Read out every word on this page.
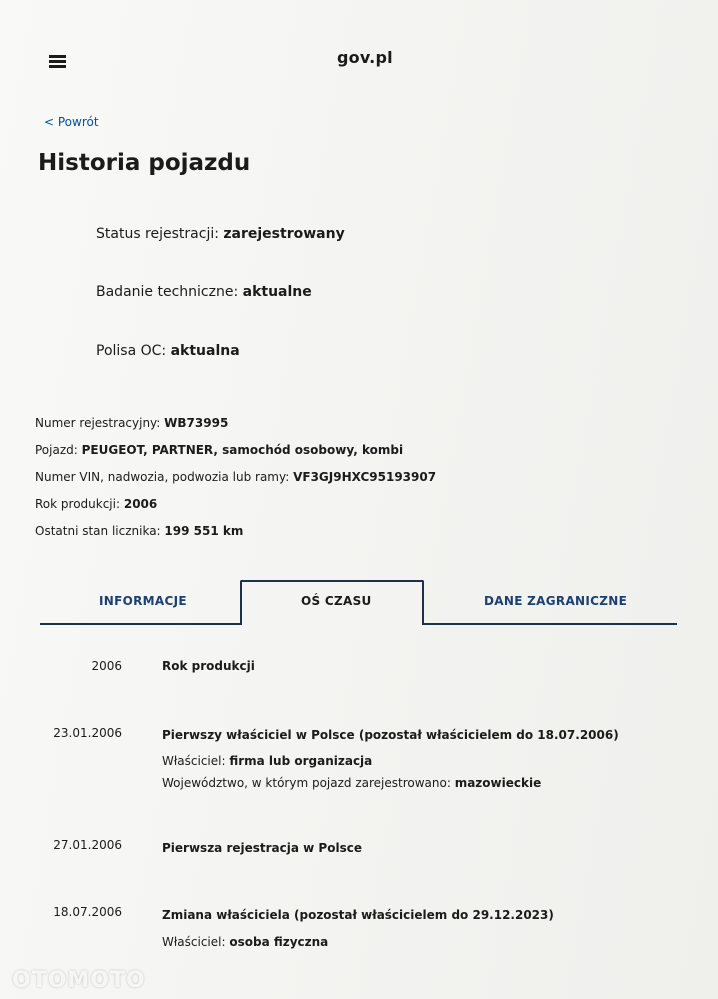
gov.pl
< Powrót
Historia pojazdu
Status rejestracji: zarejestrowany
Badanie techniczne: aktualne
Polisa OC: aktualna
Numer rejestracyjny: WB73995
Pojazd: PEUGEOT, PARTNER, samochód osobowy, kombi
Numer VIN, nadwozia, podwozia lub ramy: VF3GJ9HXC95193907
Rok produkcji: 2006
Ostatni stan licznika: 199 551 km
INFORMACJE	OŚ CZASU	DANE ZAGRANICZNE
2006	Rok produkcji
23.01.2006	Pierwszy właściciel w Polsce (pozostał właścicielem do 18.07.2006)
Właściciel: firma lub organizacja
Województwo, w którym pojazd zarejestrowano: mazowieckie
27.01.2006	Pierwsza rejestracja w Polsce
18.07.2006	Zmiana właściciela (pozostał właścicielem do 29.12.2023)
Właściciel: osoba fizyczna
OTOMOTO
